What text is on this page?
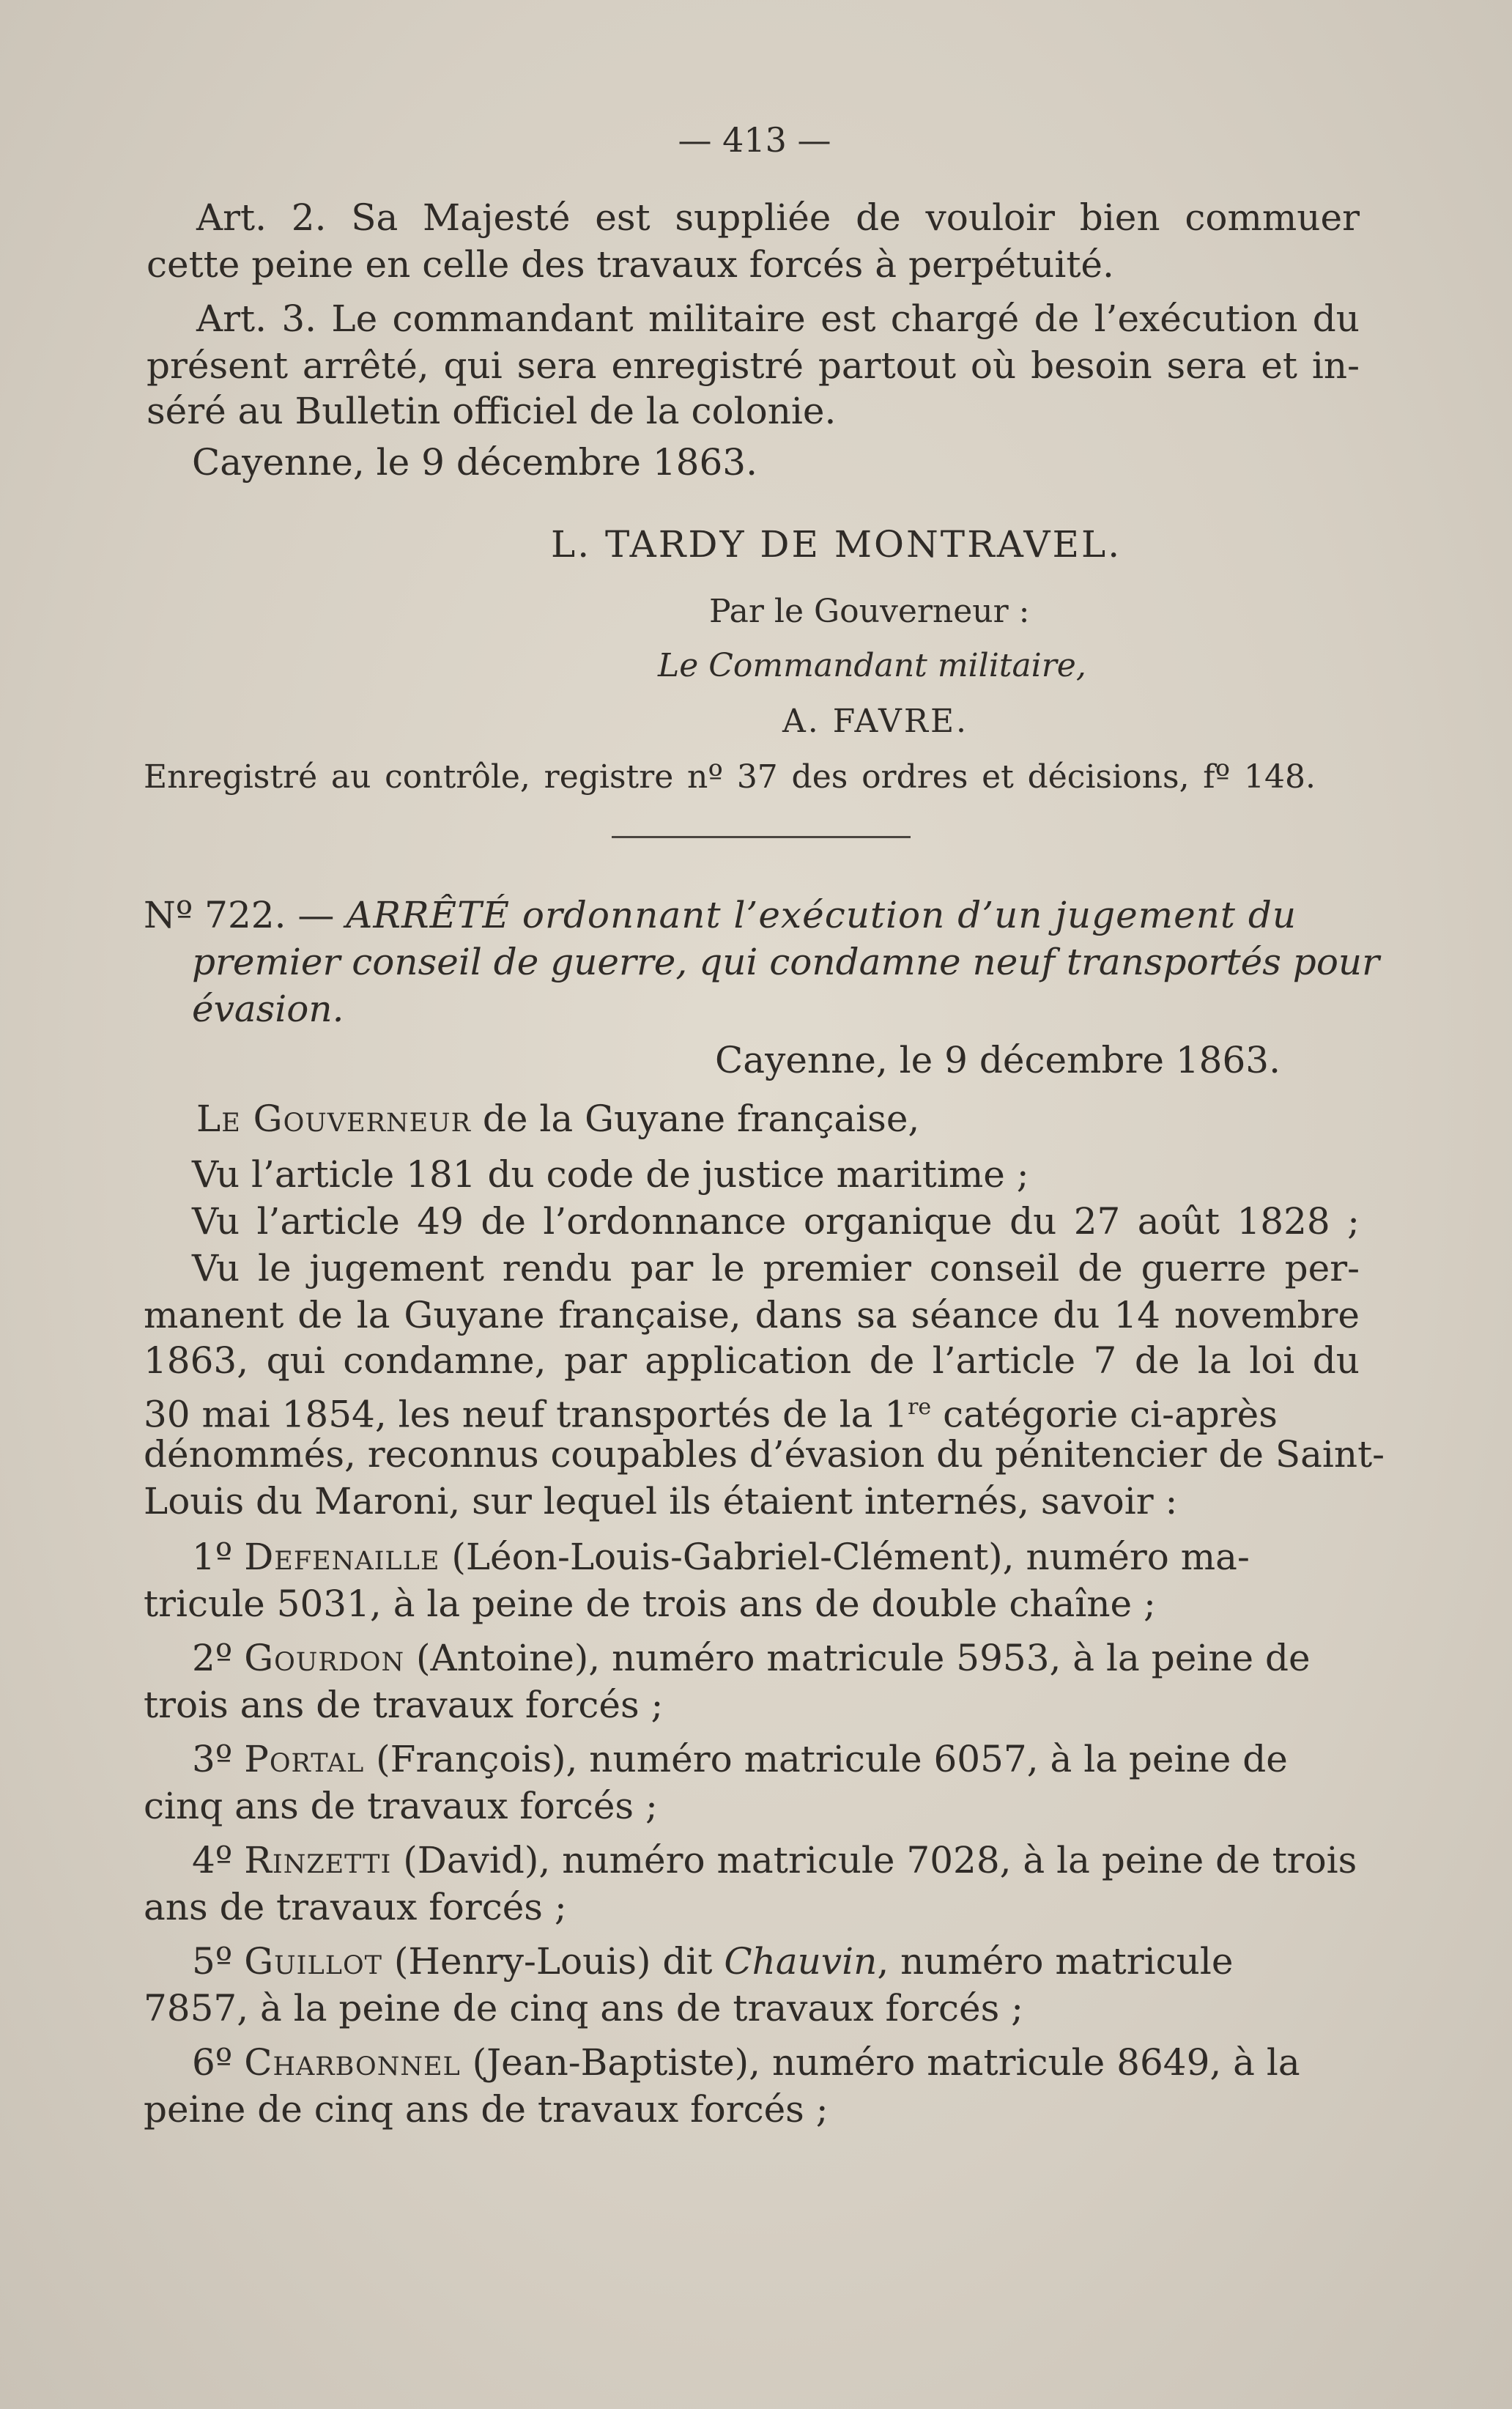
— 413 —
Art. 2. Sa Majesté est suppliée de vouloir bien commuer
cette peine en celle des travaux forcés à perpétuité.
Art. 3. Le commandant militaire est chargé de l’exécution du
présent arrêté, qui sera enregistré partout où besoin sera et in-
séré au Bulletin officiel de la colonie.
Cayenne, le 9 décembre 1863.
L. TARDY DE MONTRAVEL.
Par le Gouverneur :
Le Commandant militaire,
A. FAVRE.
Enregistré au contrôle, registre nº 37 des ordres et décisions, fº 148.
Nº 722. — ARRÊTÉ ordonnant l’exécution d’un jugement du
premier conseil de guerre, qui condamne neuf transportés pour
évasion.
Cayenne, le 9 décembre 1863.
Le Gouverneur de la Guyane française,
Vu l’article 181 du code de justice maritime ;
Vu l’article 49 de l’ordonnance organique du 27 août 1828 ;
Vu le jugement rendu par le premier conseil de guerre per-
manent de la Guyane française, dans sa séance du 14 novembre
1863, qui condamne, par application de l’article 7 de la loi du
30 mai 1854, les neuf transportés de la 1re catégorie ci-après
dénommés, reconnus coupables d’évasion du pénitencier de Saint-
Louis du Maroni, sur lequel ils étaient internés, savoir :
1º Defenaille (Léon-Louis-Gabriel-Clément), numéro ma-
tricule 5031, à la peine de trois ans de double chaîne ;
2º Gourdon (Antoine), numéro matricule 5953, à la peine de
trois ans de travaux forcés ;
3º Portal (François), numéro matricule 6057, à la peine de
cinq ans de travaux forcés ;
4º Rinzetti (David), numéro matricule 7028, à la peine de trois
ans de travaux forcés ;
5º Guillot (Henry-Louis) dit Chauvin, numéro matricule
7857, à la peine de cinq ans de travaux forcés ;
6º Charbonnel (Jean-Baptiste), numéro matricule 8649, à la
peine de cinq ans de travaux forcés ;
